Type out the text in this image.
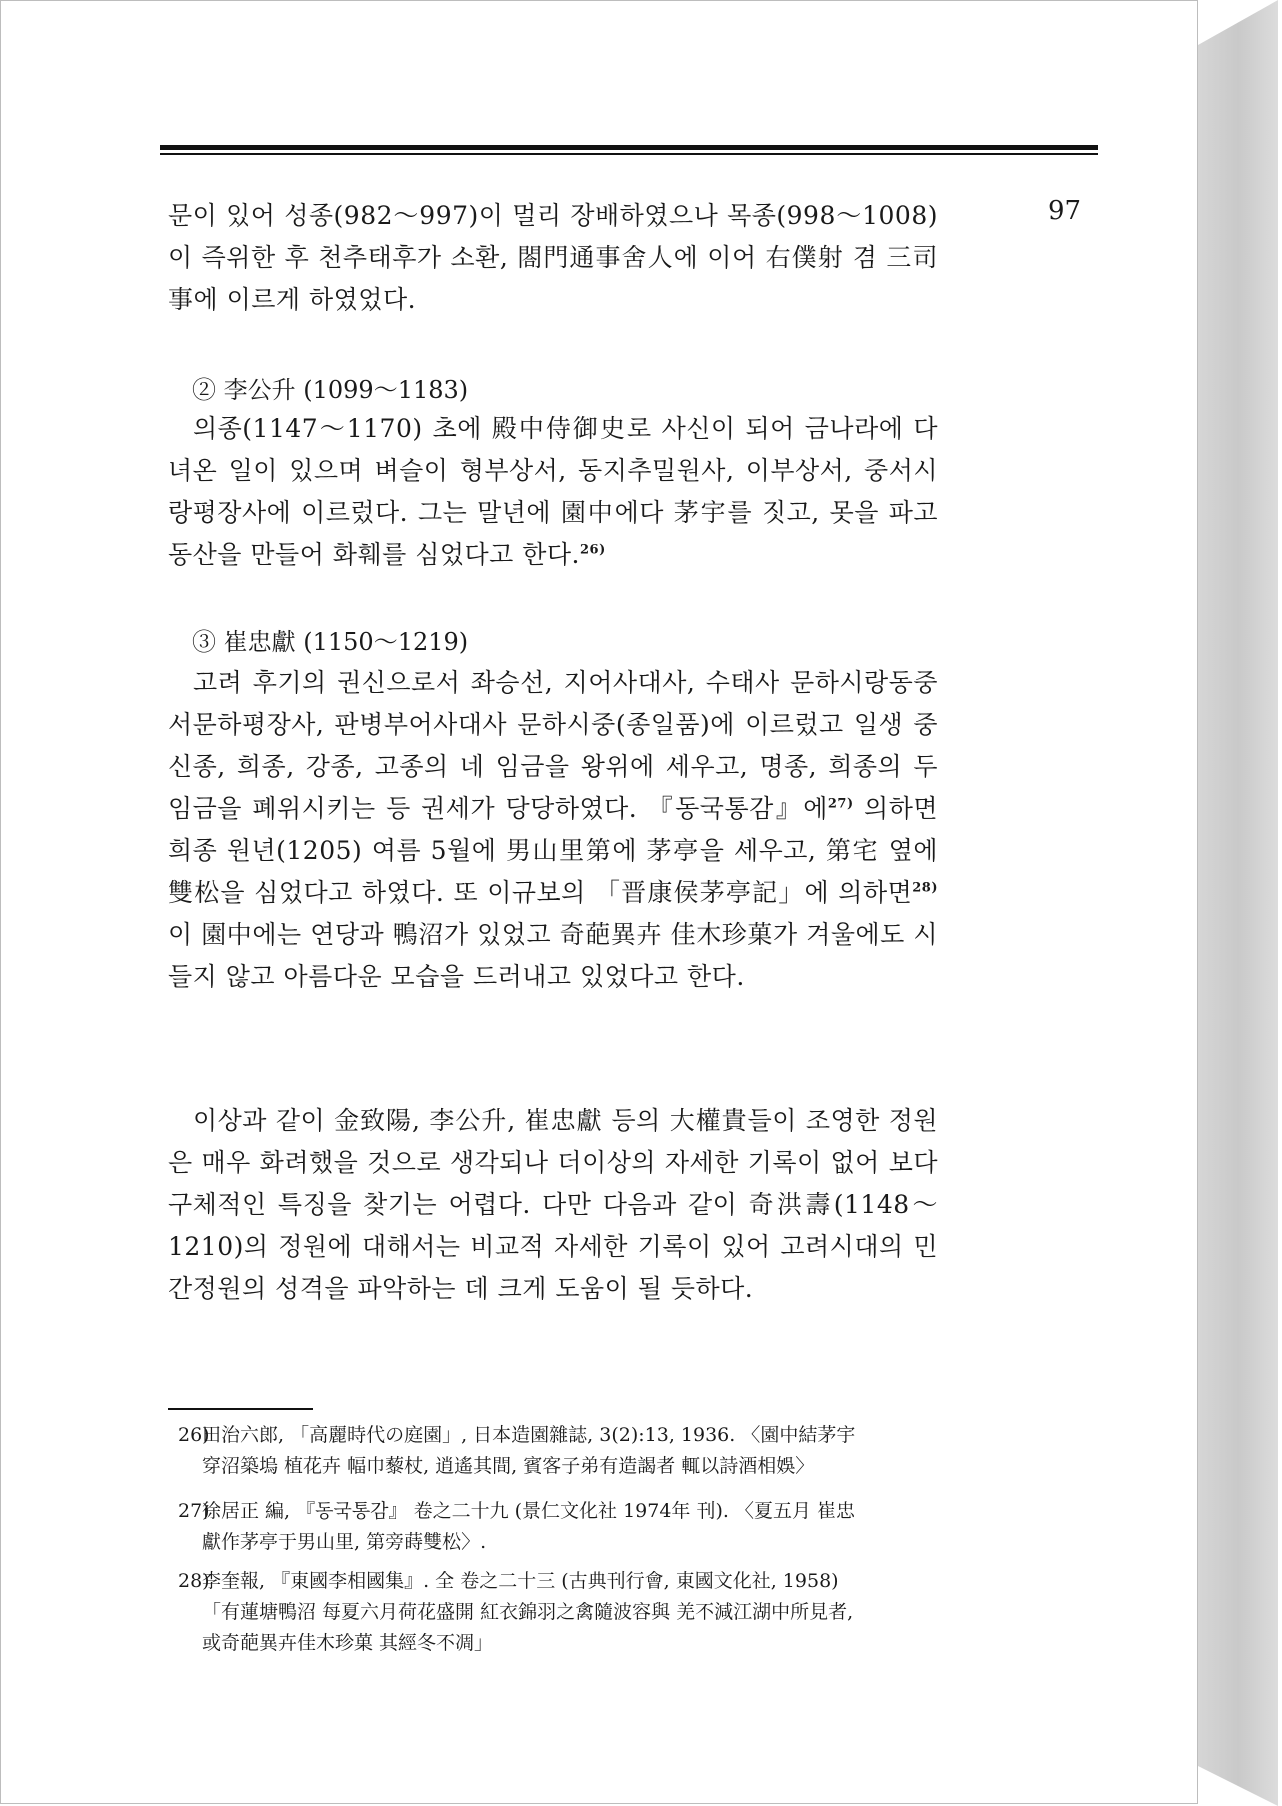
97

문이 있어 성종(982～997)이 멀리 장배하였으나 목종(998～1008)이 즉위한 후 천추태후가 소환, 閤門通事舍人에 이어 右僕射 겸 三司事에 이르게 하였었다.

② 李公升 (1099～1183)

의종(1147～1170) 초에 殿中侍御史로 사신이 되어 금나라에 다녀온 일이 있으며 벼슬이 형부상서, 동지추밀원사, 이부상서, 중서시랑평장사에 이르렀다. 그는 말년에 園中에다 茅宇를 짓고, 못을 파고 동산을 만들어 화훼를 심었다고 한다.$^{26)}$

③ 崔忠獻 (1150～1219)

고려 후기의 권신으로서 좌승선, 지어사대사, 수태사 문하시랑동중서문하평장사, 판병부어사대사 문하시중(종일품)에 이르렀고 일생 중 신종, 희종, 강종, 고종의 네 임금을 왕위에 세우고, 명종, 희종의 두 임금을 폐위시키는 등 권세가 당당하였다. 『동국통감』에$^{27)}$ 의하면 희종 원년(1205) 여름 5월에 男山里第에 茅亭을 세우고, 第宅 옆에 雙松을 심었다고 하였다. 또 이규보의 「晋康侯茅亭記」에 의하면$^{28)}$ 이 園中에는 연당과 鴨沼가 있었고 奇葩異卉 佳木珍菓가 겨울에도 시들지 않고 아름다운 모습을 드러내고 있었다고 한다.

이상과 같이 金致陽, 李公升, 崔忠獻 등의 大權貴들이 조영한 정원은 매우 화려했을 것으로 생각되나 더이상의 자세한 기록이 없어 보다 구체적인 특징을 찾기는 어렵다. 다만 다음과 같이 奇洪壽(1148～1210)의 정원에 대해서는 비교적 자세한 기록이 있어 고려시대의 민간정원의 성격을 파악하는 데 크게 도움이 될 듯하다.

26)田治六郎, 「高麗時代の庭園」, 日本造園雜誌, 3(2):13, 1936. 〈園中結茅宇
穿沼築塢 植花卉 幅巾藜杖, 逍遙其間, 賓客子弟有造謁者 輒以詩酒相娛〉
27)徐居正 編, 『동국통감』 卷之二十九 (景仁文化社 1974年 刊). 〈夏五月 崔忠
獻作茅亭于男山里, 第旁蒔雙松〉.
28)李奎報, 『東國李相國集』. 全 卷之二十三 (古典刊行會, 東國文化社, 1958)
「有蓮塘鴨沼 每夏六月荷花盛開 紅衣錦羽之禽隨波容與 羌不減江湖中所見者,
或奇葩異卉佳木珍菓 其經冬不凋」
